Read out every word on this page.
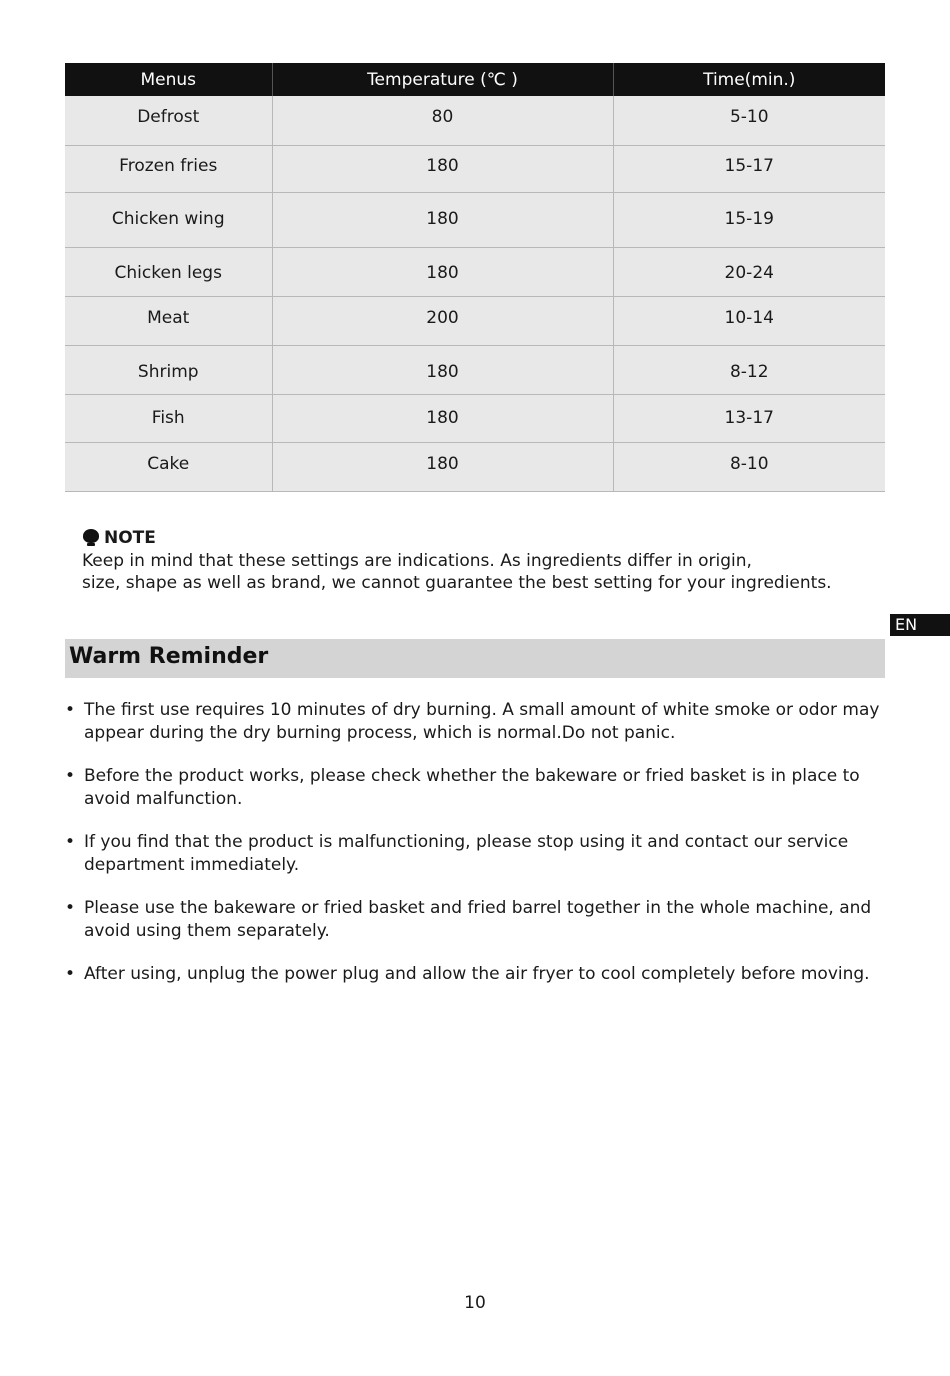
Menus	Temperature (℃ )	Time(min.)

Defrost	80	5-10

Frozen fries	180	15-17

Chicken wing	180	15-19

Chicken legs	180	20-24

Meat	200	10-14

Shrimp	180	8-12

Fish	180	13-17

Cake	180	8-10
NOTE
Keep in mind that these settings are indications. As ingredients differ in origin,
size, shape as well as brand, we cannot guarantee the best setting for your ingredients.
EN
Warm Reminder
• The first use requires 10 minutes of dry burning. A small amount of white smoke or odor may appear during the dry burning process, which is normal.Do not panic.
• Before the product works, please check whether the bakeware or fried basket is in place to avoid malfunction.
• If you find that the product is malfunctioning, please stop using it and contact our service department immediately.
• Please use the bakeware or fried basket and fried barrel together in the whole machine, and avoid using them separately.
• After using, unplug the power plug and allow the air fryer to cool completely before moving.
10
